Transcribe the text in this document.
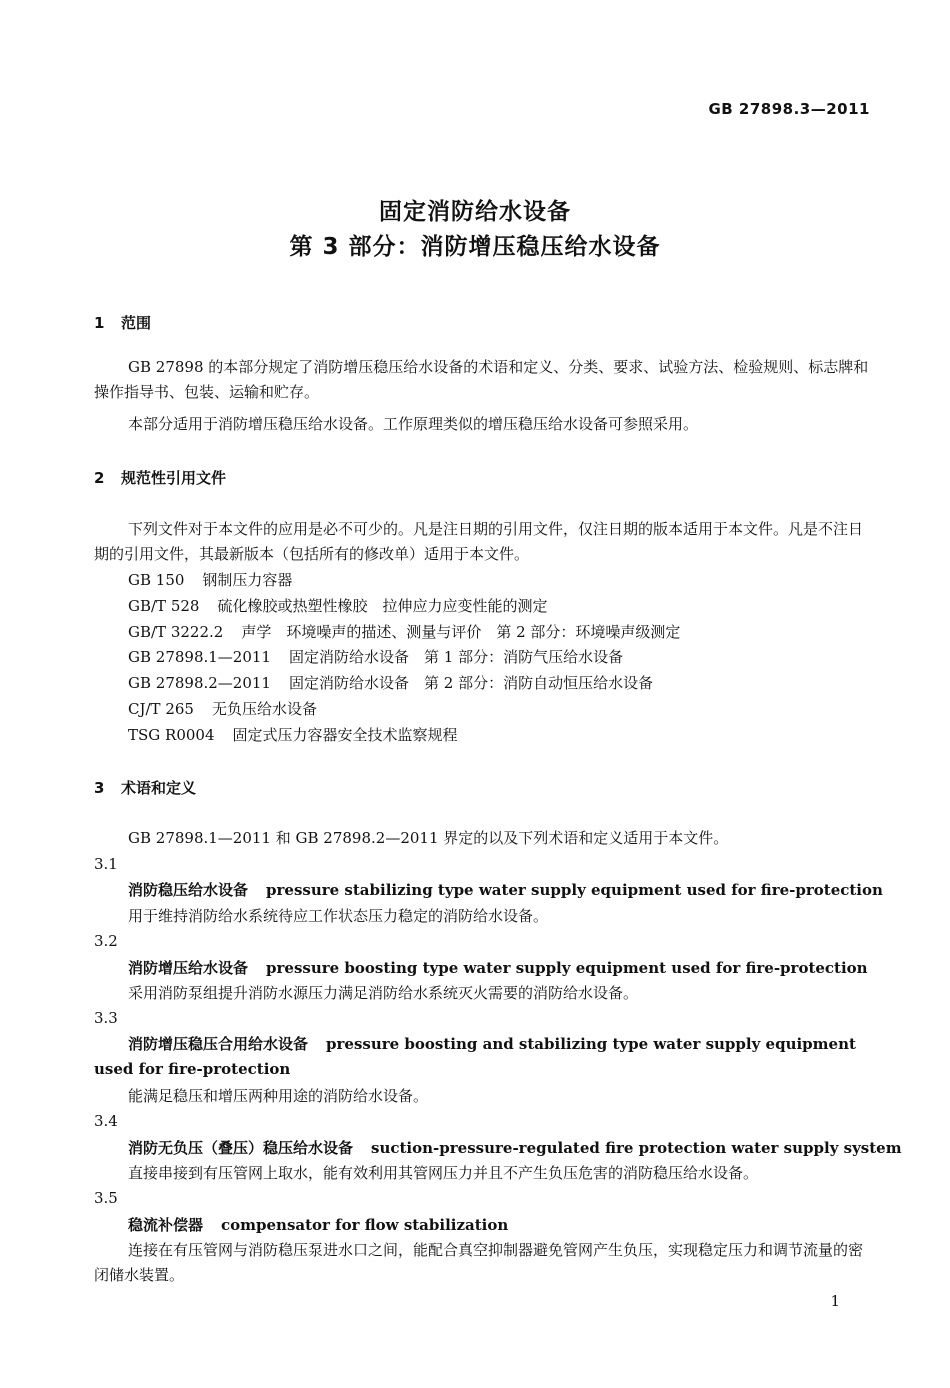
GB 27898.3—2011
固定消防给水设备
第 3 部分：消防增压稳压给水设备
1 范围
GB 27898 的本部分规定了消防增压稳压给水设备的术语和定义、分类、要求、试验方法、检验规则、标志牌和操作指导书、包装、运输和贮存。
本部分适用于消防增压稳压给水设备。工作原理类似的增压稳压给水设备可参照采用。
2 规范性引用文件
下列文件对于本文件的应用是必不可少的。凡是注日期的引用文件，仅注日期的版本适用于本文件。凡是不注日期的引用文件，其最新版本（包括所有的修改单）适用于本文件。
GB 150 钢制压力容器
GB/T 528 硫化橡胶或热塑性橡胶　拉伸应力应变性能的测定
GB/T 3222.2 声学　环境噪声的描述、测量与评价　第 2 部分：环境噪声级测定
GB 27898.1—2011 固定消防给水设备　第 1 部分：消防气压给水设备
GB 27898.2—2011 固定消防给水设备　第 2 部分：消防自动恒压给水设备
CJ/T 265 无负压给水设备
TSG R0004 固定式压力容器安全技术监察规程
3 术语和定义
GB 27898.1—2011 和 GB 27898.2—2011 界定的以及下列术语和定义适用于本文件。
3.1
消防稳压给水设备 pressure stabilizing type water supply equipment used for fire-protection
用于维持消防给水系统待应工作状态压力稳定的消防给水设备。
3.2
消防增压给水设备 pressure boosting type water supply equipment used for fire-protection
采用消防泵组提升消防水源压力满足消防给水系统灭火需要的消防给水设备。
3.3
消防增压稳压合用给水设备 pressure boosting and stabilizing type water supply equipment used for fire-protection
能满足稳压和增压两种用途的消防给水设备。
3.4
消防无负压（叠压）稳压给水设备 suction-pressure-regulated fire protection water supply system
直接串接到有压管网上取水，能有效利用其管网压力并且不产生负压危害的消防稳压给水设备。
3.5
稳流补偿器 compensator for flow stabilization
连接在有压管网与消防稳压泵进水口之间，能配合真空抑制器避免管网产生负压，实现稳定压力和调节流量的密闭储水装置。
1
